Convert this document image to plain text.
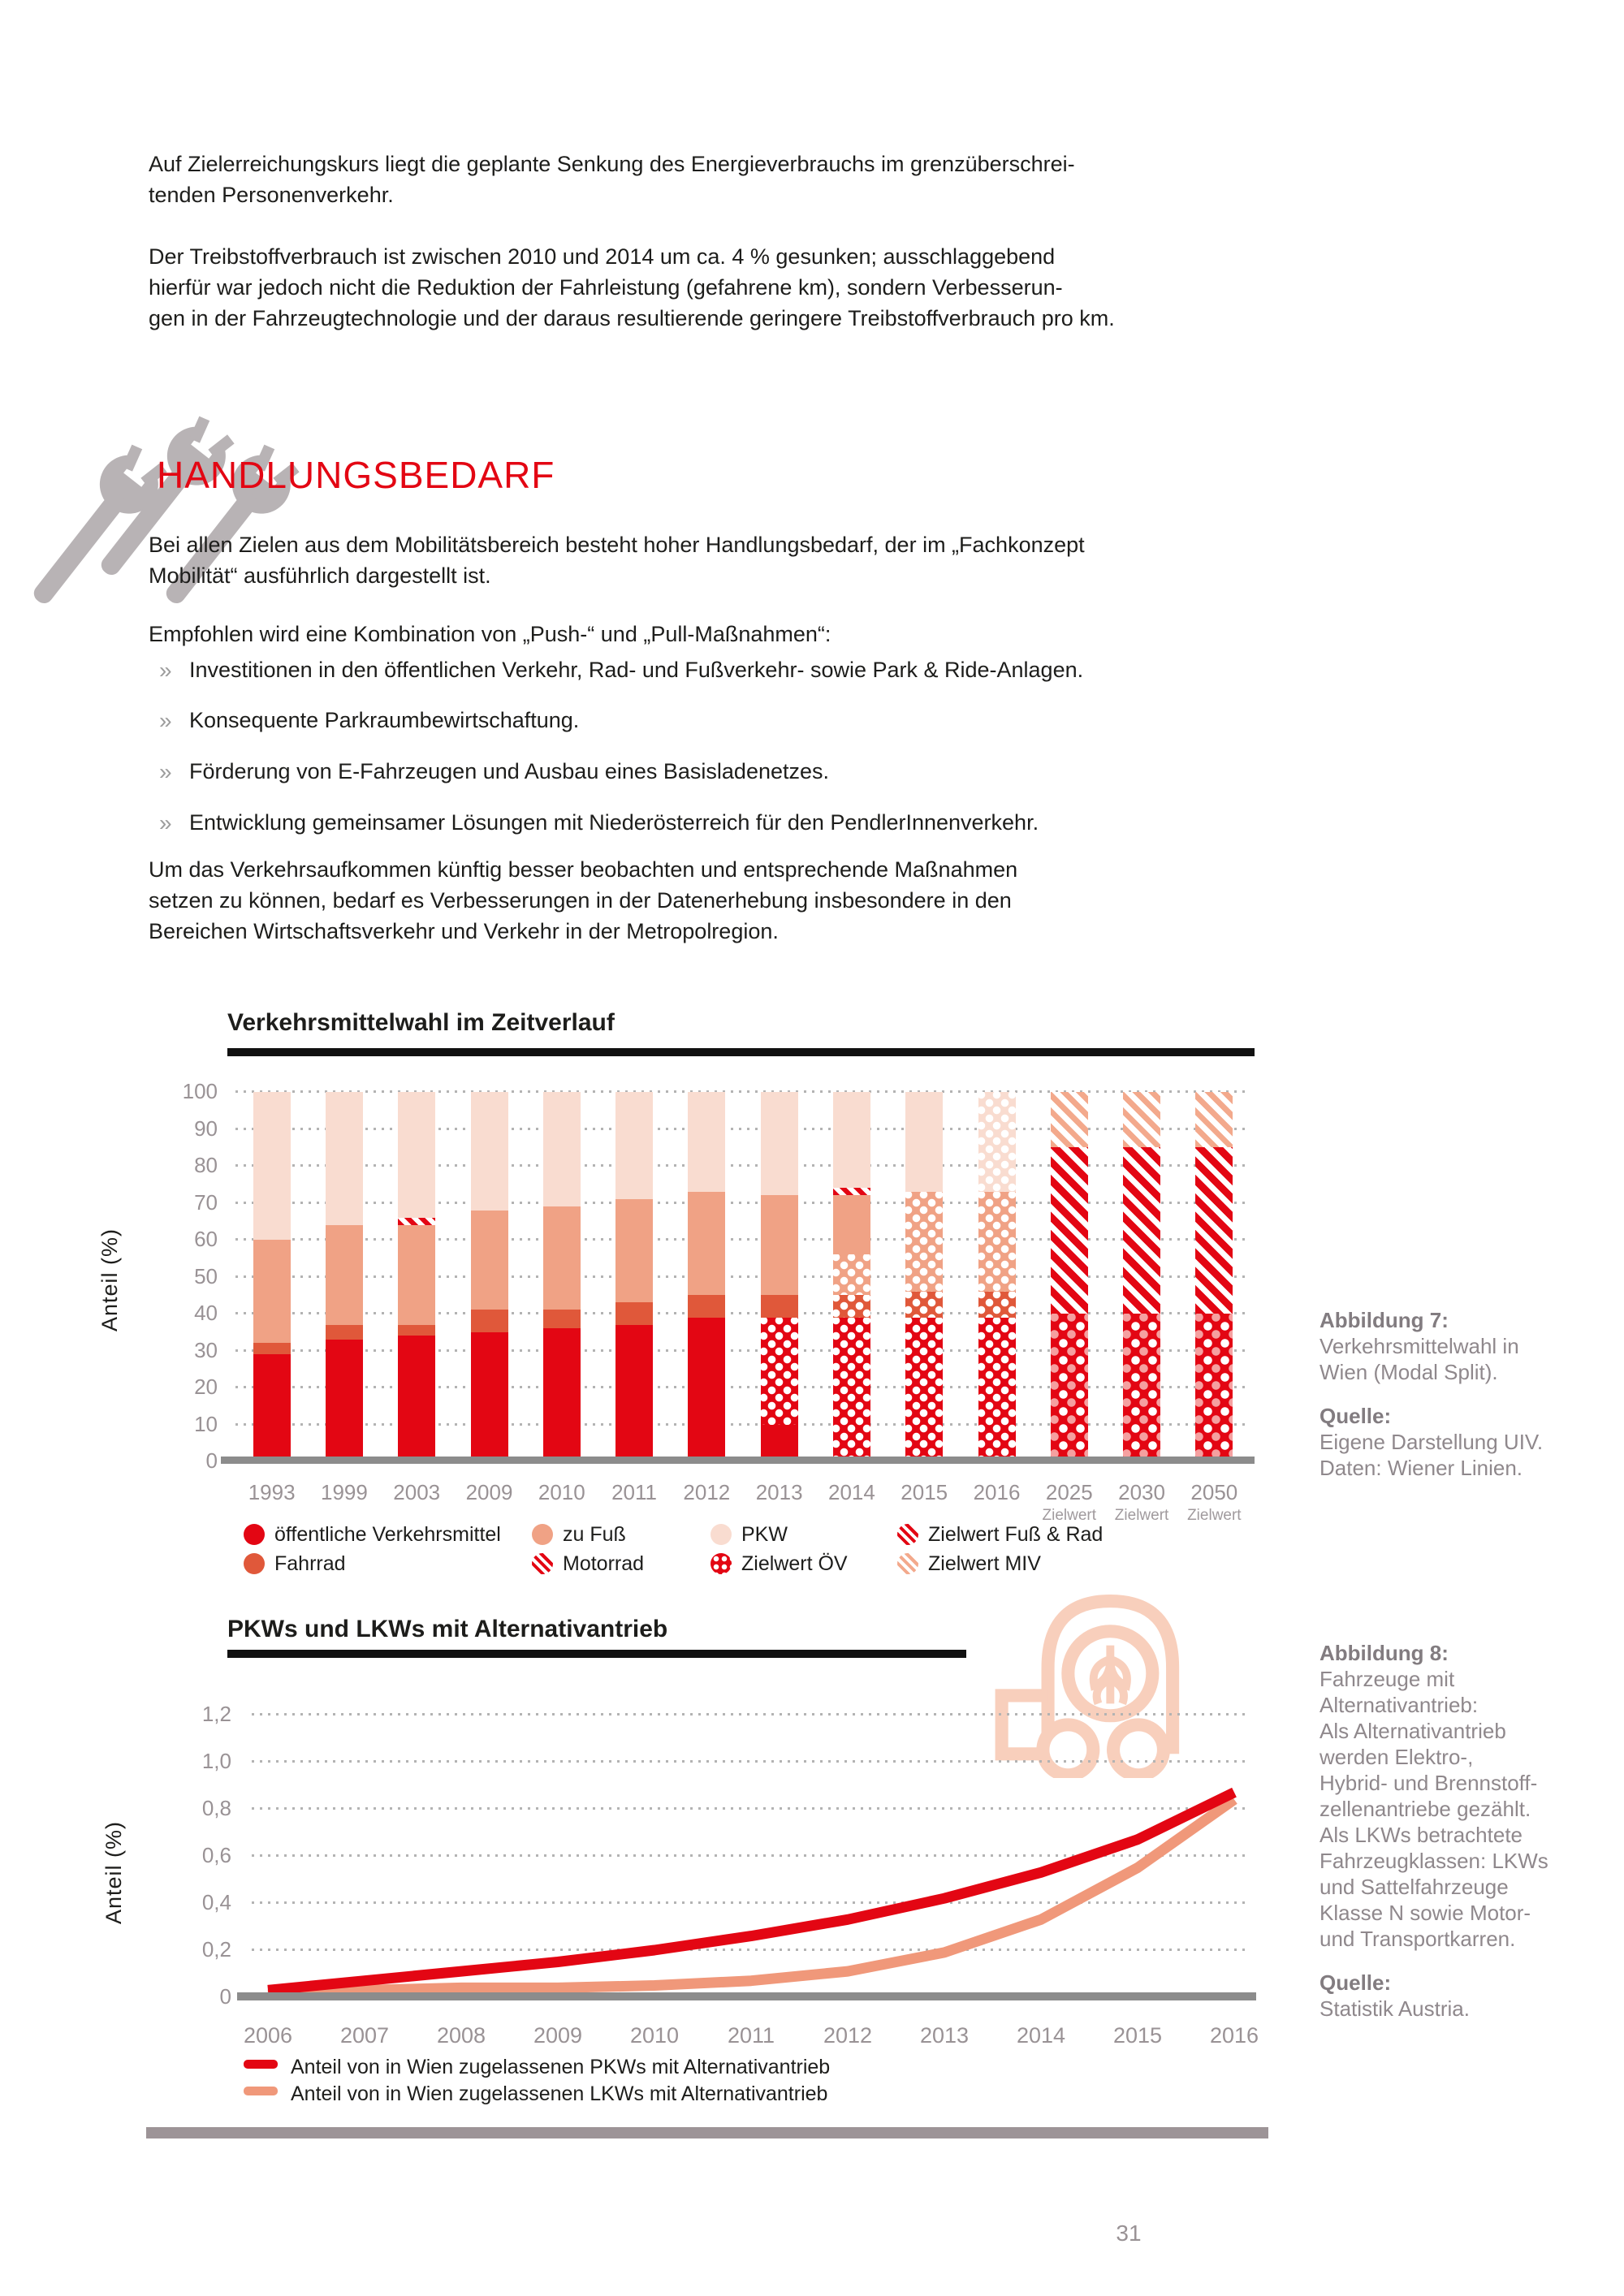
Auf Zielerreichungskurs liegt die geplante Senkung des Energieverbrauchs im grenzüberschrei-
tenden Personenverkehr.
Der Treibstoffverbrauch ist zwischen 2010 und 2014 um ca. 4 % gesunken; ausschlaggebend
hierfür war jedoch nicht die Reduktion der Fahrleistung (gefahrene km), sondern Verbesserun-
gen in der Fahrzeugtechnologie und der daraus resultierende geringere Treibstoffverbrauch pro km.
HANDLUNGSBEDARF
Bei allen Zielen aus dem Mobilitätsbereich besteht hoher Handlungsbedarf, der im „Fachkonzept
Mobilität“ ausführlich dargestellt ist.
Empfohlen wird eine Kombination von „Push-“ und „Pull-Maßnahmen“:
» Investitionen in den öffentlichen Verkehr, Rad- und Fußverkehr- sowie Park & Ride-Anlagen.
» Konsequente Parkraumbewirtschaftung.
» Förderung von E-Fahrzeugen und Ausbau eines Basisladenetzes.
» Entwicklung gemeinsamer Lösungen mit Niederösterreich für den PendlerInnenverkehr.
Um das Verkehrsaufkommen künftig besser beobachten und entsprechende Maßnahmen
setzen zu können, bedarf es Verbesserungen in der Datenerhebung insbesondere in den
Bereichen Wirtschaftsverkehr und Verkehr in der Metropolregion.
Verkehrsmittelwahl im Zeitverlauf
Anteil (%)
0
10
20
30
40
50
60
70
80
90
100
1993	1999	2003	2009	2010	2011	2012	2013	2014	2015	2016	2025
Zielwert
2030
Zielwert
2050
Zielwert
öffentliche Verkehrsmittel	zu Fuß	PKW	Zielwert Fuß & Rad
Fahrrad	Motorrad	Zielwert ÖV	Zielwert MIV
Abbildung 7:
Verkehrsmittelwahl in
Wien (Modal Split).
Quelle:
Eigene Darstellung UIV.
Daten: Wiener Linien.
PKWs und LKWs mit Alternativantrieb
Anteil (%)
1,2
1,0
0,8
0,6
0,4
0,2
0
2006	2007	2008	2009	2010	2011	2012	2013	2014	2015	2016
Anteil von in Wien zugelassenen PKWs mit Alternativantrieb
Anteil von in Wien zugelassenen LKWs mit Alternativantrieb
Abbildung 8:
Fahrzeuge mit
Alternativantrieb:
Als Alternativantrieb
werden Elektro-,
Hybrid- und Brennstoff-
zellenantriebe gezählt.
Als LKWs betrachtete
Fahrzeugklassen: LKWs
und Sattelfahrzeuge
Klasse N sowie Motor-
und Transportkarren.
Quelle:
Statistik Austria.
31
